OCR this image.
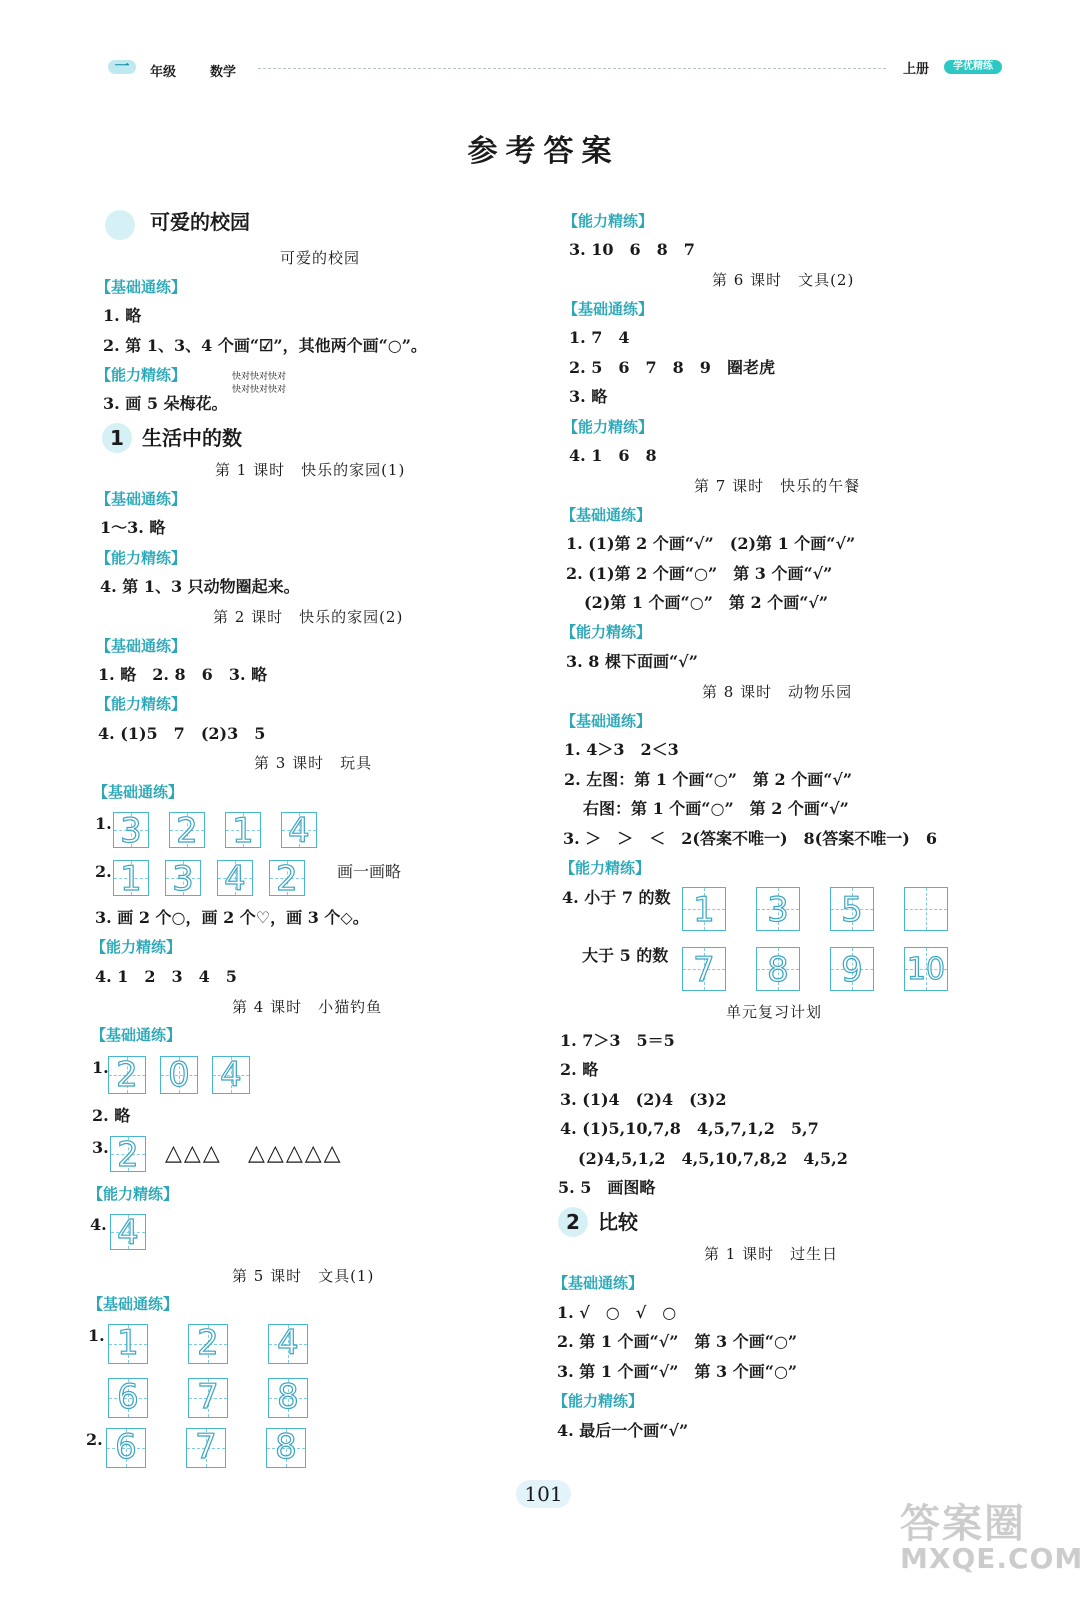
一	年级	数学	上册	学优精练
参考答案
可爱的校园
可爱的校园
【基础通练】
1. 略
2. 第 1、3、4 个画“☑”，其他两个画“○”。
【能力精练】	快对快对快对
快对快对快对
3. 画 5 朵梅花。
1 生活中的数
第 1 课时　快乐的家园(1)
【基础通练】
1～3. 略
【能力精练】
4. 第 1、3 只动物圈起来。
第 2 课时　快乐的家园(2)
【基础通练】
1. 略　2. 8　6　3. 略
【能力精练】
4. (1)5　7　(2)3　5
第 3 课时　玩具
【基础通练】
1. 3 2 1 4
2. 1 3 4 2	画一画略
3. 画 2 个○，画 2 个♡，画 3 个◇。
【能力精练】
4. 1　2　3　4　5
第 4 课时　小猫钓鱼
【基础通练】
1. 2 0 4
2. 略
3. 2 △△△ △△△△△
【能力精练】
4. 4
第 5 课时　文具(1)
【基础通练】
1. 1 2 4
6 7 8
2. 6 7 8
【能力精练】
3. 10　6　8　7
第 6 课时　文具(2)
【基础通练】
1. 7　4
2. 5　6　7　8　9　圈老虎
3. 略
【能力精练】
4. 1　6　8
第 7 课时　快乐的午餐
【基础通练】
1. (1)第 2 个画“√”　(2)第 1 个画“√”
2. (1)第 2 个画“○”　第 3 个画“√”
(2)第 1 个画“○”　第 2 个画“√”
【能力精练】
3. 8 棵下面画“√”
第 8 课时　动物乐园
【基础通练】
1. 4＞3　2＜3
2. 左图：第 1 个画“○”　第 2 个画“√”
右图：第 1 个画“○”　第 2 个画“√”
3. ＞　＞　＜　2(答案不唯一)　8(答案不唯一)　6
【能力精练】
4. 小于 7 的数 1 3 5
大于 5 的数 7 8 9	10
单元复习计划
1. 7＞3　5＝5
2. 略
3. (1)4　(2)4　(3)2
4. (1)5,10,7,8　4,5,7,1,2　5,7
(2)4,5,1,2　4,5,10,7,8,2　4,5,2
5. 5　画图略
2 比较
第 1 课时　过生日
【基础通练】
1. √　○　√　○
2. 第 1 个画“√”　第 3 个画“○”
3. 第 1 个画“√”　第 3 个画“○”
【能力精练】
4. 最后一个画“√”
101
答案圈
MXQE.COM
